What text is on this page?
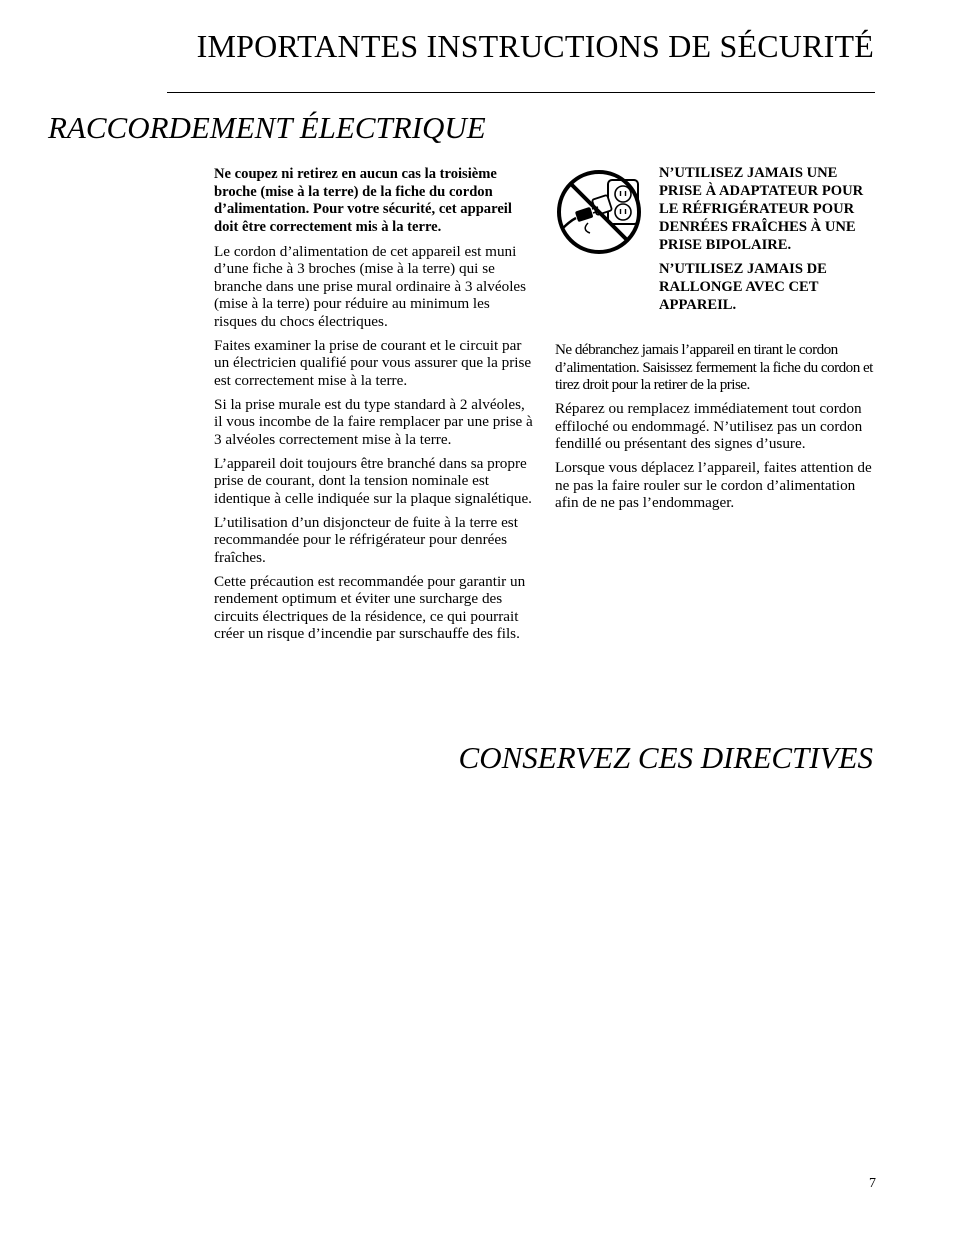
IMPORTANTES INSTRUCTIONS DE SÉCURITÉ
RACCORDEMENT ÉLECTRIQUE

Ne coupez ni retirez en aucun cas la troisième broche (mise à la terre) de la fiche du cordon d’alimentation. Pour votre sécurité, cet appareil doit être correctement mis à la terre.

Le cordon d’alimentation de cet appareil est muni d’une fiche à 3 broches (mise à la terre) qui se branche dans une prise mural ordinaire à 3 alvéoles (mise à la terre) pour réduire au minimum les risques du chocs électriques.

Faites examiner la prise de courant et le circuit par un électricien qualifié pour vous assurer que la prise est correctement mise à la terre.

Si la prise murale est du type standard à 2 alvéoles, il vous incombe de la faire remplacer par une prise à 3 alvéoles correctement mise à la terre.

L’appareil doit toujours être branché dans sa propre prise de courant, dont la tension nominale est identique à celle indiquée sur la plaque signalétique.

L’utilisation d’un disjoncteur de fuite à la terre est recommandée pour le réfrigérateur pour denrées fraîches.

Cette précaution est recommandée pour garantir un rendement optimum et éviter une surcharge des circuits électriques de la résidence, ce qui pourrait créer un risque d’incendie par surschauffe des fils.

N’UTILISEZ JAMAIS UNE PRISE À ADAPTATEUR POUR LE RÉFRIGÉRATEUR POUR DENRÉES FRAÎCHES À UNE PRISE BIPOLAIRE.

N’UTILISEZ JAMAIS DE RALLONGE AVEC CET APPAREIL.

Ne débranchez jamais l’appareil en tirant le cordon d’alimentation. Saisissez fermement la fiche du cordon et tirez droit pour la retirer de la prise.

Réparez ou remplacez immédiatement tout cordon effiloché ou endommagé. N’utilisez pas un cordon fendillé ou présentant des signes d’usure.

Lorsque vous déplacez l’appareil, faites attention de ne pas la faire rouler sur le cordon d’alimentation afin de ne pas l’endommager.

CONSERVEZ CES DIRECTIVES
7
